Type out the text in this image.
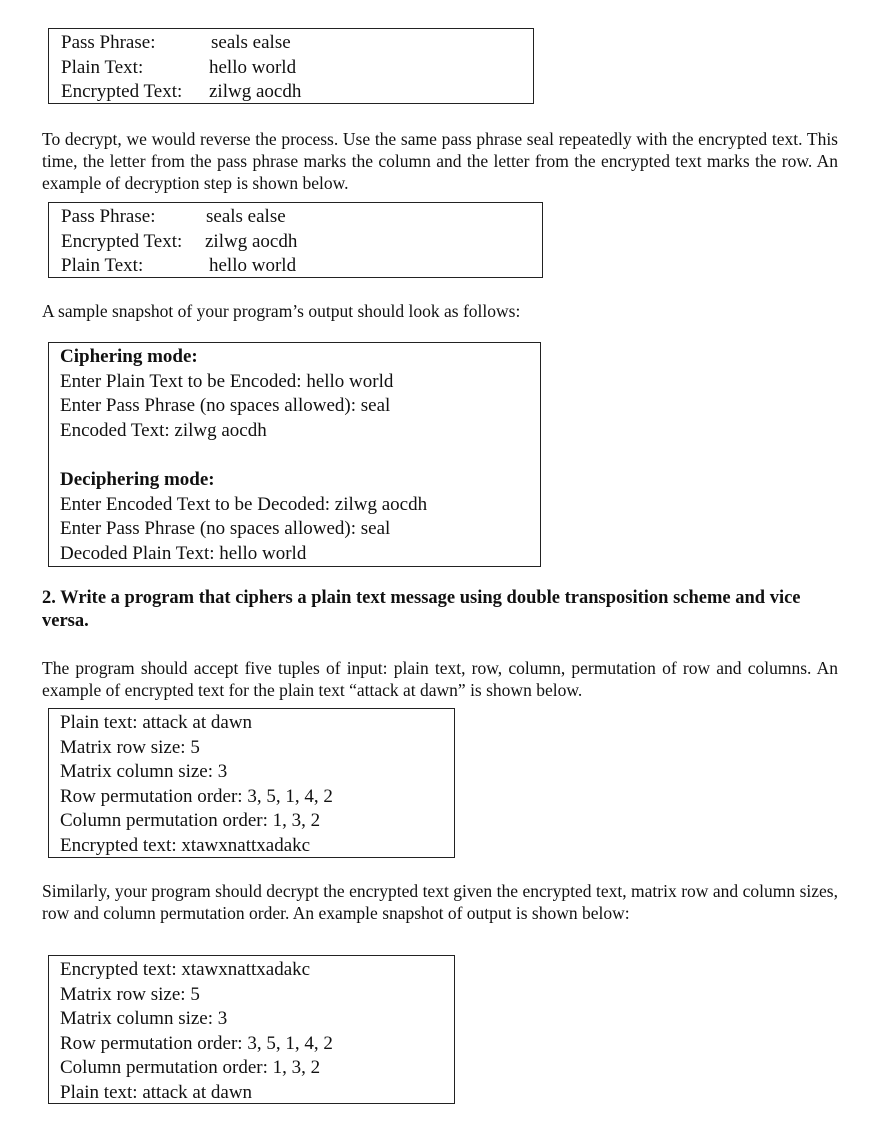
Pass Phrase:	seals ealse
Plain Text:	hello world
Encrypted Text: zilwg aocdh
To decrypt, we would reverse the process. Use the same pass phrase seal repeatedly with the encrypted text. This time, the letter from the pass phrase marks the column and the letter from the encrypted text marks the row. An example of decryption step is shown below.
Pass Phrase:	seals ealse
Encrypted Text: zilwg aocdh
Plain Text:	hello world
A sample snapshot of your program’s output should look as follows:
Ciphering mode:
Enter Plain Text to be Encoded: hello world
Enter Pass Phrase (no spaces allowed): seal
Encoded Text: zilwg aocdh
Deciphering mode:
Enter Encoded Text to be Decoded: zilwg aocdh
Enter Pass Phrase (no spaces allowed): seal
Decoded Plain Text: hello world
2. Write a program that ciphers a plain text message using double transposition scheme and vice versa.
The program should accept five tuples of input: plain text, row, column, permutation of row and columns. An example of encrypted text for the plain text “attack at dawn” is shown below.
Plain text: attack at dawn
Matrix row size: 5
Matrix column size: 3
Row permutation order: 3, 5, 1, 4, 2
Column permutation order: 1, 3, 2
Encrypted text: xtawxnattxadakc
Similarly, your program should decrypt the encrypted text given the encrypted text, matrix row and column sizes, row and column permutation order. An example snapshot of output is shown below:
Encrypted text: xtawxnattxadakc
Matrix row size: 5
Matrix column size: 3
Row permutation order: 3, 5, 1, 4, 2
Column permutation order: 1, 3, 2
Plain text: attack at dawn
